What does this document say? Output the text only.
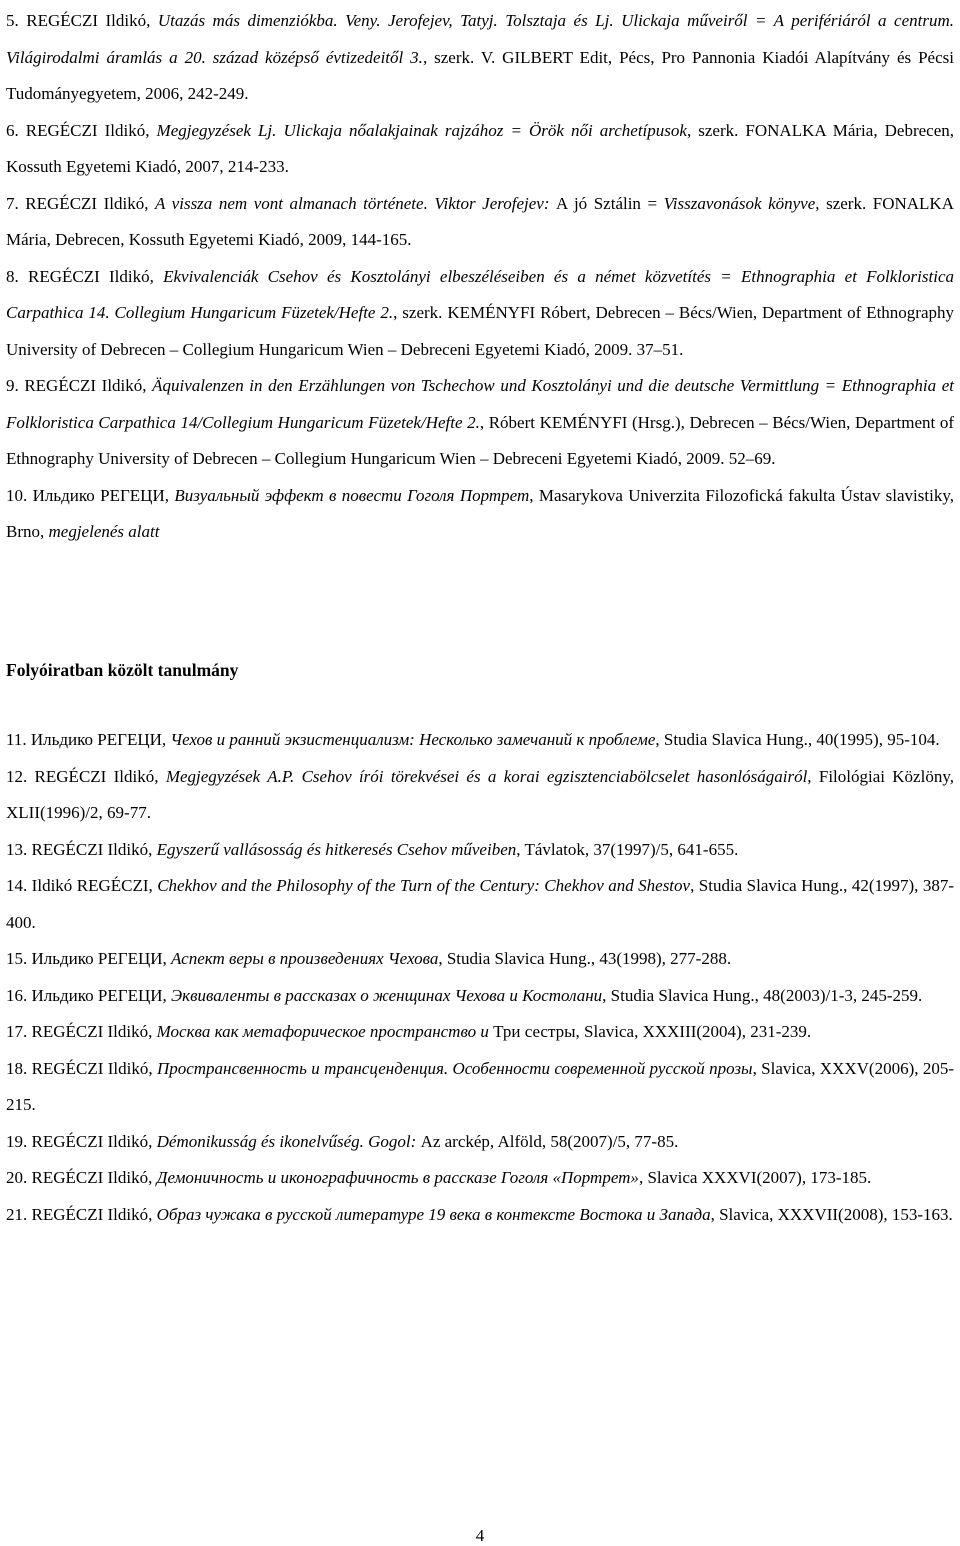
5. REGÉCZI Ildikó, Utazás más dimenziókba. Veny. Jerofejev, Tatyj. Tolsztaja és Lj. Ulickaja műveiről = A perifériáról a centrum. Világirodalmi áramlás a 20. század középső évtizedeitől 3., szerk. V. GILBERT Edit, Pécs, Pro Pannonia Kiadói Alapítvány és Pécsi Tudományegyetem, 2006, 242-249.

6. REGÉCZI Ildikó, Megjegyzések Lj. Ulickaja nőalakjainak rajzához = Örök női archetípusok, szerk. FONALKA Mária, Debrecen, Kossuth Egyetemi Kiadó, 2007, 214-233.

7. REGÉCZI Ildikó, A vissza nem vont almanach története. Viktor Jerofejev: A jó Sztálin = Visszavonások könyve, szerk. FONALKA Mária, Debrecen, Kossuth Egyetemi Kiadó, 2009, 144-165.

8. REGÉCZI Ildikó, Ekvivalenciák Csehov és Kosztolányi elbeszéléseiben és a német közvetítés = Ethnographia et Folkloristica Carpathica 14. Collegium Hungaricum Füzetek/Hefte 2., szerk. KEMÉNYFI Róbert, Debrecen – Bécs/Wien, Department of Ethnography University of Debrecen – Collegium Hungaricum Wien – Debreceni Egyetemi Kiadó, 2009. 37–51.

9. REGÉCZI Ildikó, Äquivalenzen in den Erzählungen von Tschechow und Kosztolányi und die deutsche Vermittlung = Ethnographia et Folkloristica Carpathica 14/Collegium Hungaricum Füzetek/Hefte 2., Róbert KEMÉNYFI (Hrsg.), Debrecen – Bécs/Wien, Department of Ethnography University of Debrecen – Collegium Hungaricum Wien – Debreceni Egyetemi Kiadó, 2009. 52–69.

10. Ильдико РЕГЕЦИ, Визуальный эффект в повести Гоголя Портрет, Masarykova Univerzita Filozofická fakulta Ústav slavistiky, Brno, megjelenés alatt

Folyóiratban közölt tanulmány

11. Ильдико РЕГЕЦИ, Чехов и ранний экзистенциализм: Несколько замечаний к проблеме, Studia Slavica Hung., 40(1995), 95-104.

12. REGÉCZI Ildikó, Megjegyzések A.P. Csehov írói törekvései és a korai egzisztenciabölcselet hasonlóságairól, Filológiai Közlöny, XLII(1996)/2, 69-77.

13. REGÉCZI Ildikó, Egyszerű vallásosság és hitkeresés Csehov műveiben, Távlatok, 37(1997)/5, 641-655.

14. Ildikó REGÉCZI, Chekhov and the Philosophy of the Turn of the Century: Chekhov and Shestov, Studia Slavica Hung., 42(1997), 387-400.

15. Ильдико РЕГЕЦИ, Аспект веры в произведениях Чехова, Studia Slavica Hung., 43(1998), 277-288.

16. Ильдико РЕГЕЦИ, Эквиваленты в рассказах о женщинах Чехова и Костолани, Studia Slavica Hung., 48(2003)/1-3, 245-259.

17. REGÉCZI Ildikó, Москва как метафорическое пространство и Три сестры, Slavica, XXXIII(2004), 231-239.

18. REGÉCZI Ildikó, Пространсвенность и трансценденция. Особенности современной русской прозы, Slavica, XXXV(2006), 205-215.

19. REGÉCZI Ildikó, Démonikusság és ikonelvűség. Gogol: Az arckép, Alföld, 58(2007)/5, 77-85.

20. REGÉCZI Ildikó, Демоничность и иконографичность в рассказе Гоголя «Портрет», Slavica XXXVI(2007), 173-185.

21. REGÉCZI Ildikó, Образ чужака в русской литературе 19 века в контексте Востока и Запада, Slavica, XXXVII(2008), 153-163.

4
